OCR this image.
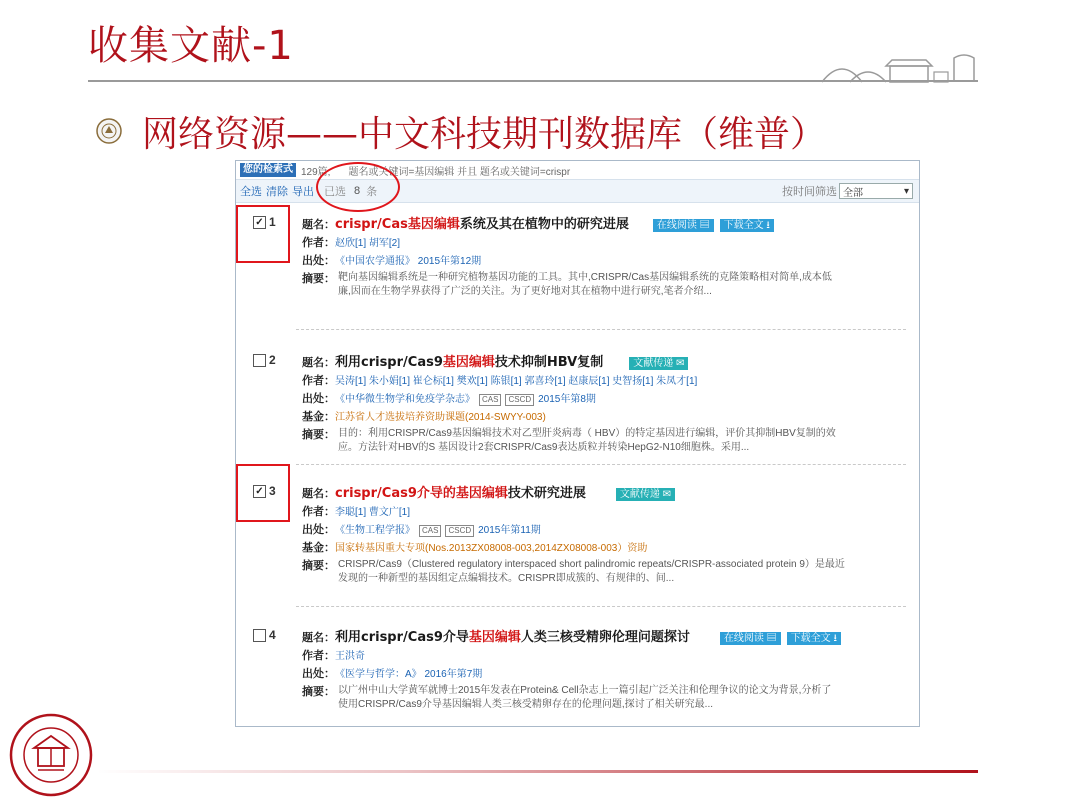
收集文献-1
网络资源——中文科技期刊数据库（维普）
您的检索式 129篇; 题名或关键词=基因编辑 并且 题名或关键词=crispr
全选 清除 导出 已选 8 条	按时间筛选 全部	▾
✓ 1 题名： crispr/Cas基因编辑系统及其在植物中的研究进展	在线阅读 ▤	下载全文 ⭳
作者： 赵欣[1] 胡军[2]
出处： 《中国农学通报》 2015年第12期
摘要： 靶向基因编辑系统是一种研究植物基因功能的工具。其中,CRISPR/Cas基因编辑系统的克隆策略相对简单,成本低
廉,因而在生物学界获得了广泛的关注。为了更好地对其在植物中进行研究,笔者介绍...
2 题名： 利用crispr/Cas9基因编辑技术抑制HBV复制	文献传递 ✉
作者： 吴涛[1] 朱小娟[1] 崔仑标[1] 樊欢[1] 陈银[1] 郭喜玲[1] 赵康辰[1] 史智扬[1] 朱凤才[1]
出处： 《中华微生物学和免疫学杂志》 CAS	CSCD 2015年第8期
基金： 江苏省人才选拔培养资助课题(2014-SWYY-003)
摘要： 目的：利用CRISPR/Cas9基因编辑技术对乙型肝炎病毒（ HBV）的特定基因进行编辑，评价其抑制HBV复制的效
应。方法针对HBV的S 基因设计2套CRISPR/Cas9表达质粒并转染HepG2-N10细胞株。采用...
✓ 3 题名： crispr/Cas9介导的基因编辑技术研究进展	文献传递 ✉
作者： 李聪[1] 曹文广[1]
出处： 《生物工程学报》 CAS	CSCD 2015年第11期
基金： 国家转基因重大专项(Nos.2013ZX08008-003,2014ZX08008-003）资助
摘要： CRISPR/Cas9（Clustered regulatory interspaced short palindromic repeats/CRISPR-associated protein 9）是最近
发现的一种新型的基因组定点编辑技术。CRISPR即成簇的、有规律的、间...
4 题名： 利用crispr/Cas9介导基因编辑人类三核受精卵伦理问题探讨	在线阅读 ▤	下载全文 ⭳
作者： 王洪奇
出处： 《医学与哲学：A》 2016年第7期
摘要： 以广州中山大学黄军就博士2015年发表在Protein& Cell杂志上一篇引起广泛关注和伦理争议的论文为背景,分析了
使用CRISPR/Cas9介导基因编辑人类三核受精卵存在的伦理问题,探讨了相关研究最...
